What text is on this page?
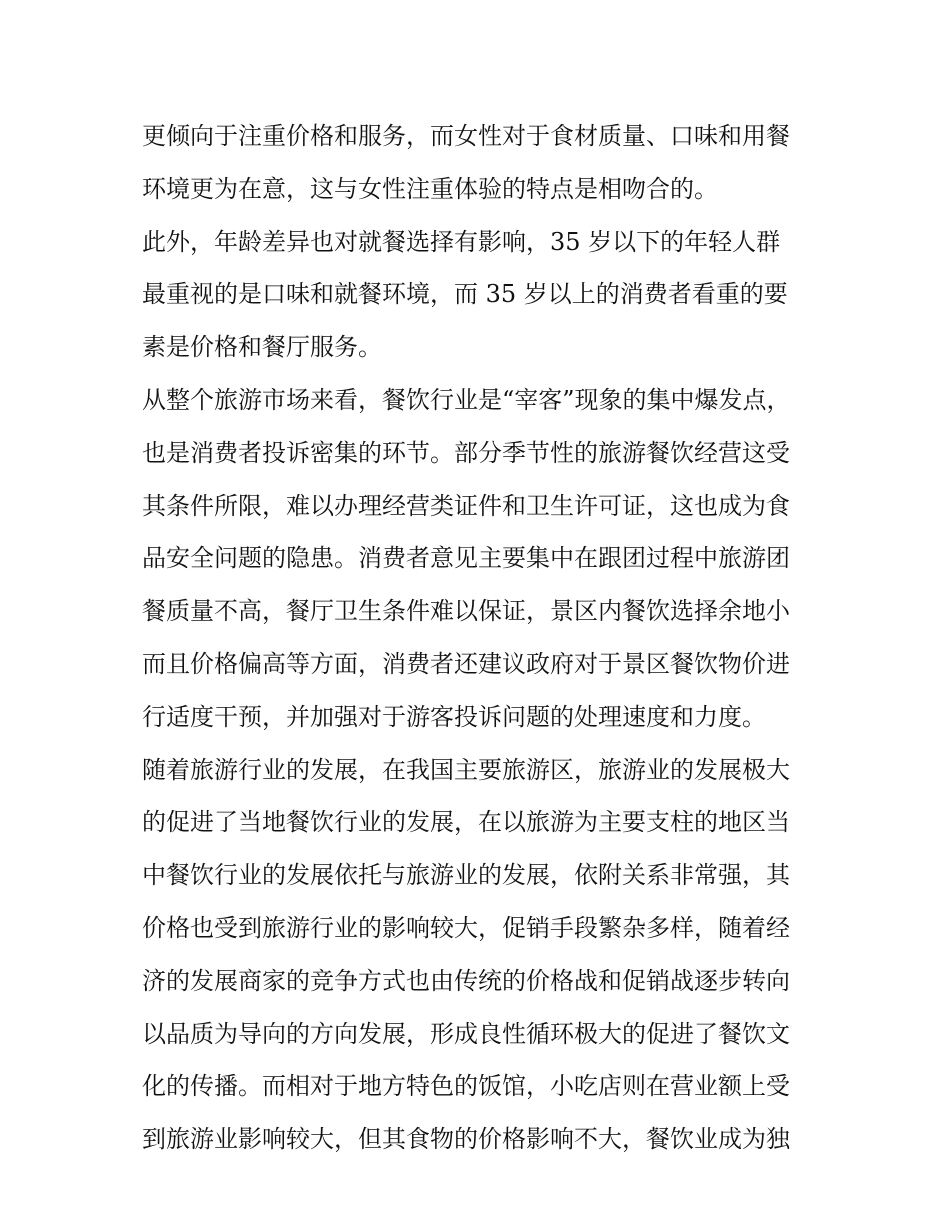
更倾向于注重价格和服务，而女性对于食材质量、口味和用餐
环境更为在意，这与女性注重体验的特点是相吻合的。
此外，年龄差异也对就餐选择有影响，35 岁以下的年轻人群
最重视的是口味和就餐环境，而 35 岁以上的消费者看重的要
素是价格和餐厅服务。
从整个旅游市场来看，餐饮行业是“宰客”现象的集中爆发点，
也是消费者投诉密集的环节。部分季节性的旅游餐饮经营这受
其条件所限，难以办理经营类证件和卫生许可证，这也成为食
品安全问题的隐患。消费者意见主要集中在跟团过程中旅游团
餐质量不高，餐厅卫生条件难以保证，景区内餐饮选择余地小
而且价格偏高等方面，消费者还建议政府对于景区餐饮物价进
行适度干预，并加强对于游客投诉问题的处理速度和力度。
随着旅游行业的发展，在我国主要旅游区，旅游业的发展极大
的促进了当地餐饮行业的发展，在以旅游为主要支柱的地区当
中餐饮行业的发展依托与旅游业的发展，依附关系非常强，其
价格也受到旅游行业的影响较大，促销手段繁杂多样，随着经
济的发展商家的竞争方式也由传统的价格战和促销战逐步转向
以品质为导向的方向发展，形成良性循环极大的促进了餐饮文
化的传播。而相对于地方特色的饭馆，小吃店则在营业额上受
到旅游业影响较大，但其食物的价格影响不大，餐饮业成为独
